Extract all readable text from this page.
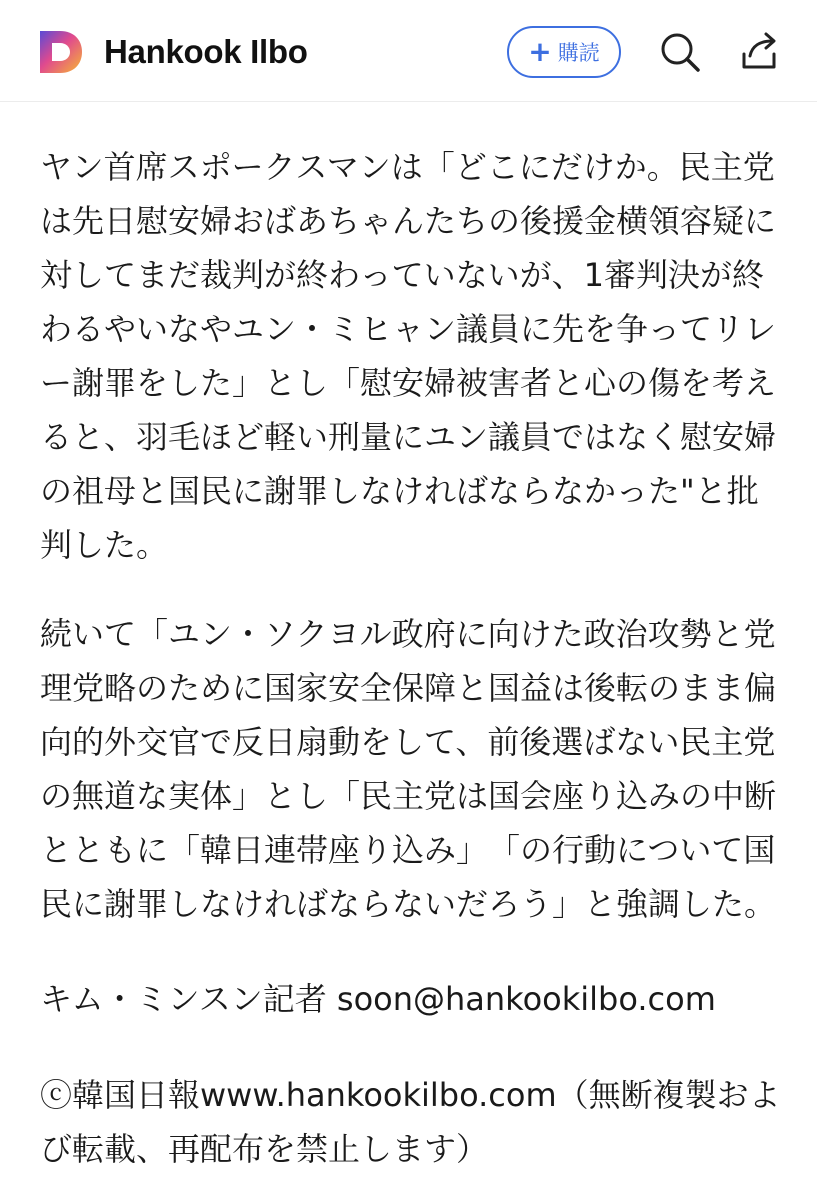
Hankook Ilbo	+ 購読

ヤン首席スポークスマンは「どこにだけか。民主党は先日慰安婦おばあちゃんたちの後援金横領容疑に対してまだ裁判が終わっていないが、1審判決が終わるやいなやユン・ミヒャン議員に先を争ってリレー謝罪をした」とし「慰安婦被害者と心の傷を考えると、羽毛ほど軽い刑量にユン議員ではなく慰安婦の祖母と国民に謝罪しなければならなかった"と批判した。

続いて「ユン・ソクヨル政府に向けた政治攻勢と党理党略のために国家安全保障と国益は後転のまま偏向的外交官で反日扇動をして、前後選ばない民主党の無道な実体」とし「民主党は国会座り込みの中断とともに「韓日連帯座り込み」　「の行動について国民に謝罪しなければならないだろう」と強調した。

キム・ミンスン記者 soon@hankookilbo.com

ⓒ韓国日報www.hankookilbo.com（無断複製および転載、再配布を禁止します）
